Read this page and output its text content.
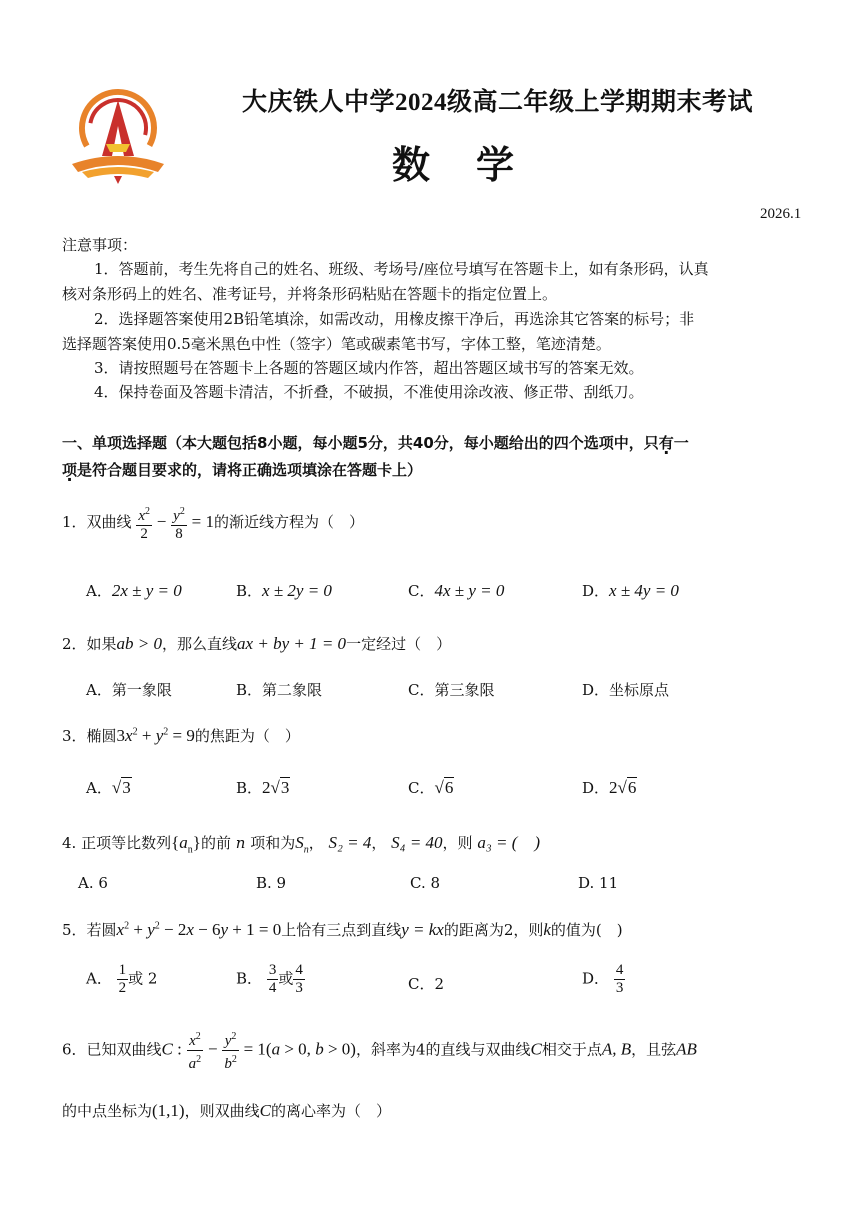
大庆铁人中学2024级高二年级上学期期末考试
数学
2026.1
注意事项：
1．答题前，考生先将自己的姓名、班级、考场号/座位号填写在答题卡上，如有条形码，认真
核对条形码上的姓名、准考证号，并将条形码粘贴在答题卡的指定位置上。
2．选择题答案使用2B铅笔填涂，如需改动，用橡皮擦干净后，再选涂其它答案的标号；非
选择题答案使用0.5毫米黑色中性（签字）笔或碳素笔书写，字体工整，笔迹清楚。
3．请按照题号在答题卡上各题的答题区域内作答，超出答题区域书写的答案无效。
4．保持卷面及答题卡清洁，不折叠，不破损，不准使用涂改液、修正带、刮纸刀。
一、单项选择题（本大题包括8小题，每小题5分，共40分，每小题给出的四个选项中，只有一
项是符合题目要求的，请将正确选项填涂在答题卡上）
1．双曲线 $\frac{x^2}{2} - \frac{y^2}{8} = 1$的渐近线方程为（　）
A．2x ± y = 0	B．x ± 2y = 0	C．4x ± y = 0	D．x ± 4y = 0
2．如果ab > 0，那么直线ax + by + 1 = 0一定经过（　）
A．第一象限	B．第二象限	C．第三象限	D．坐标原点
3．椭圆$3x^2 + y^2 = 9$的焦距为（　）
A．√3	B．2√3	C．√6	D．2√6
4. 正项等比数列$\{a_n\}$的前 n 项和为$S_n$， S₂ = 4， S₄ = 40，则 a₃ = (　)
A. 6	B. 9	C. 8	D. 11
5．若圆$x^2 + y^2 - 2x - 6y + 1 = 0$上恰有三点到直线y = kx的距离为2，则k的值为(　)
A． $\frac{1}{2}$ 或 2	B． $\frac{3}{4}$ 或 $\frac{4}{3}$	C．2	D． $\frac{4}{3}$
6．已知双曲线C : $\frac{x^2}{a^2} - \frac{y^2}{b^2} = 1(a > 0$, b > 0)，斜率为4的直线与双曲线C相交于点A, B，且弦AB
的中点坐标为(1,1)，则双曲线C的离心率为（　）
